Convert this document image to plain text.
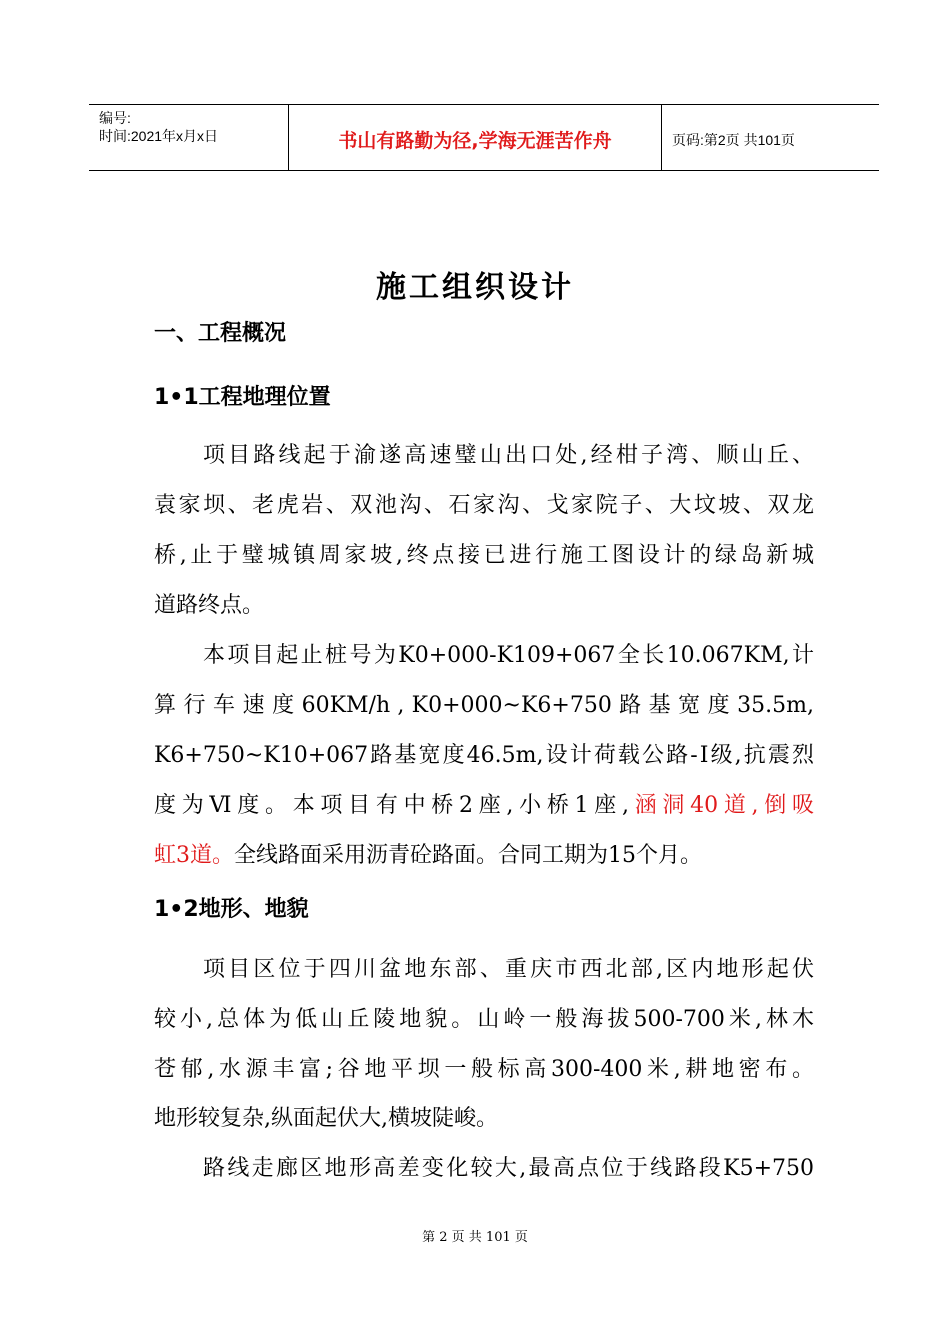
编号:
时间:2021年x月x日	书山有路勤为径,学海无涯苦作舟	页码:第2页 共101页
施工组织设计
一、工程概况
1•1工程地理位置
项目路线起于渝遂高速璧山出口处,经柑子湾、顺山丘、
袁家坝、老虎岩、双池沟、石家沟、戈家院子、大坟坡、双龙
桥,止于璧城镇周家坡,终点接已进行施工图设计的绿岛新城
道路终点。
本项目起止桩号为K0+000-K109+067全长10.067KM,计
算 行 车 速 度 60KM/h , K0+000~K6+750 路 基 宽 度 35.5m,
K6+750~K10+067路基宽度46.5m,设计荷载公路-Ⅰ级,抗震烈
度为Ⅵ度。本项目有中桥2座,小桥1座,涵洞40道,倒吸
虹3道。全线路面采用沥青砼路面。合同工期为15个月。
1•2地形、地貌
项目区位于四川盆地东部、重庆市西北部,区内地形起伏
较小,总体为低山丘陵地貌。山岭一般海拔500-700米,林木
苍郁,水源丰富;谷地平坝一般标高300-400米,耕地密布。
地形较复杂,纵面起伏大,横坡陡峻。
路线走廊区地形高差变化较大,最高点位于线路段K5+750
第 2 页 共 101 页
